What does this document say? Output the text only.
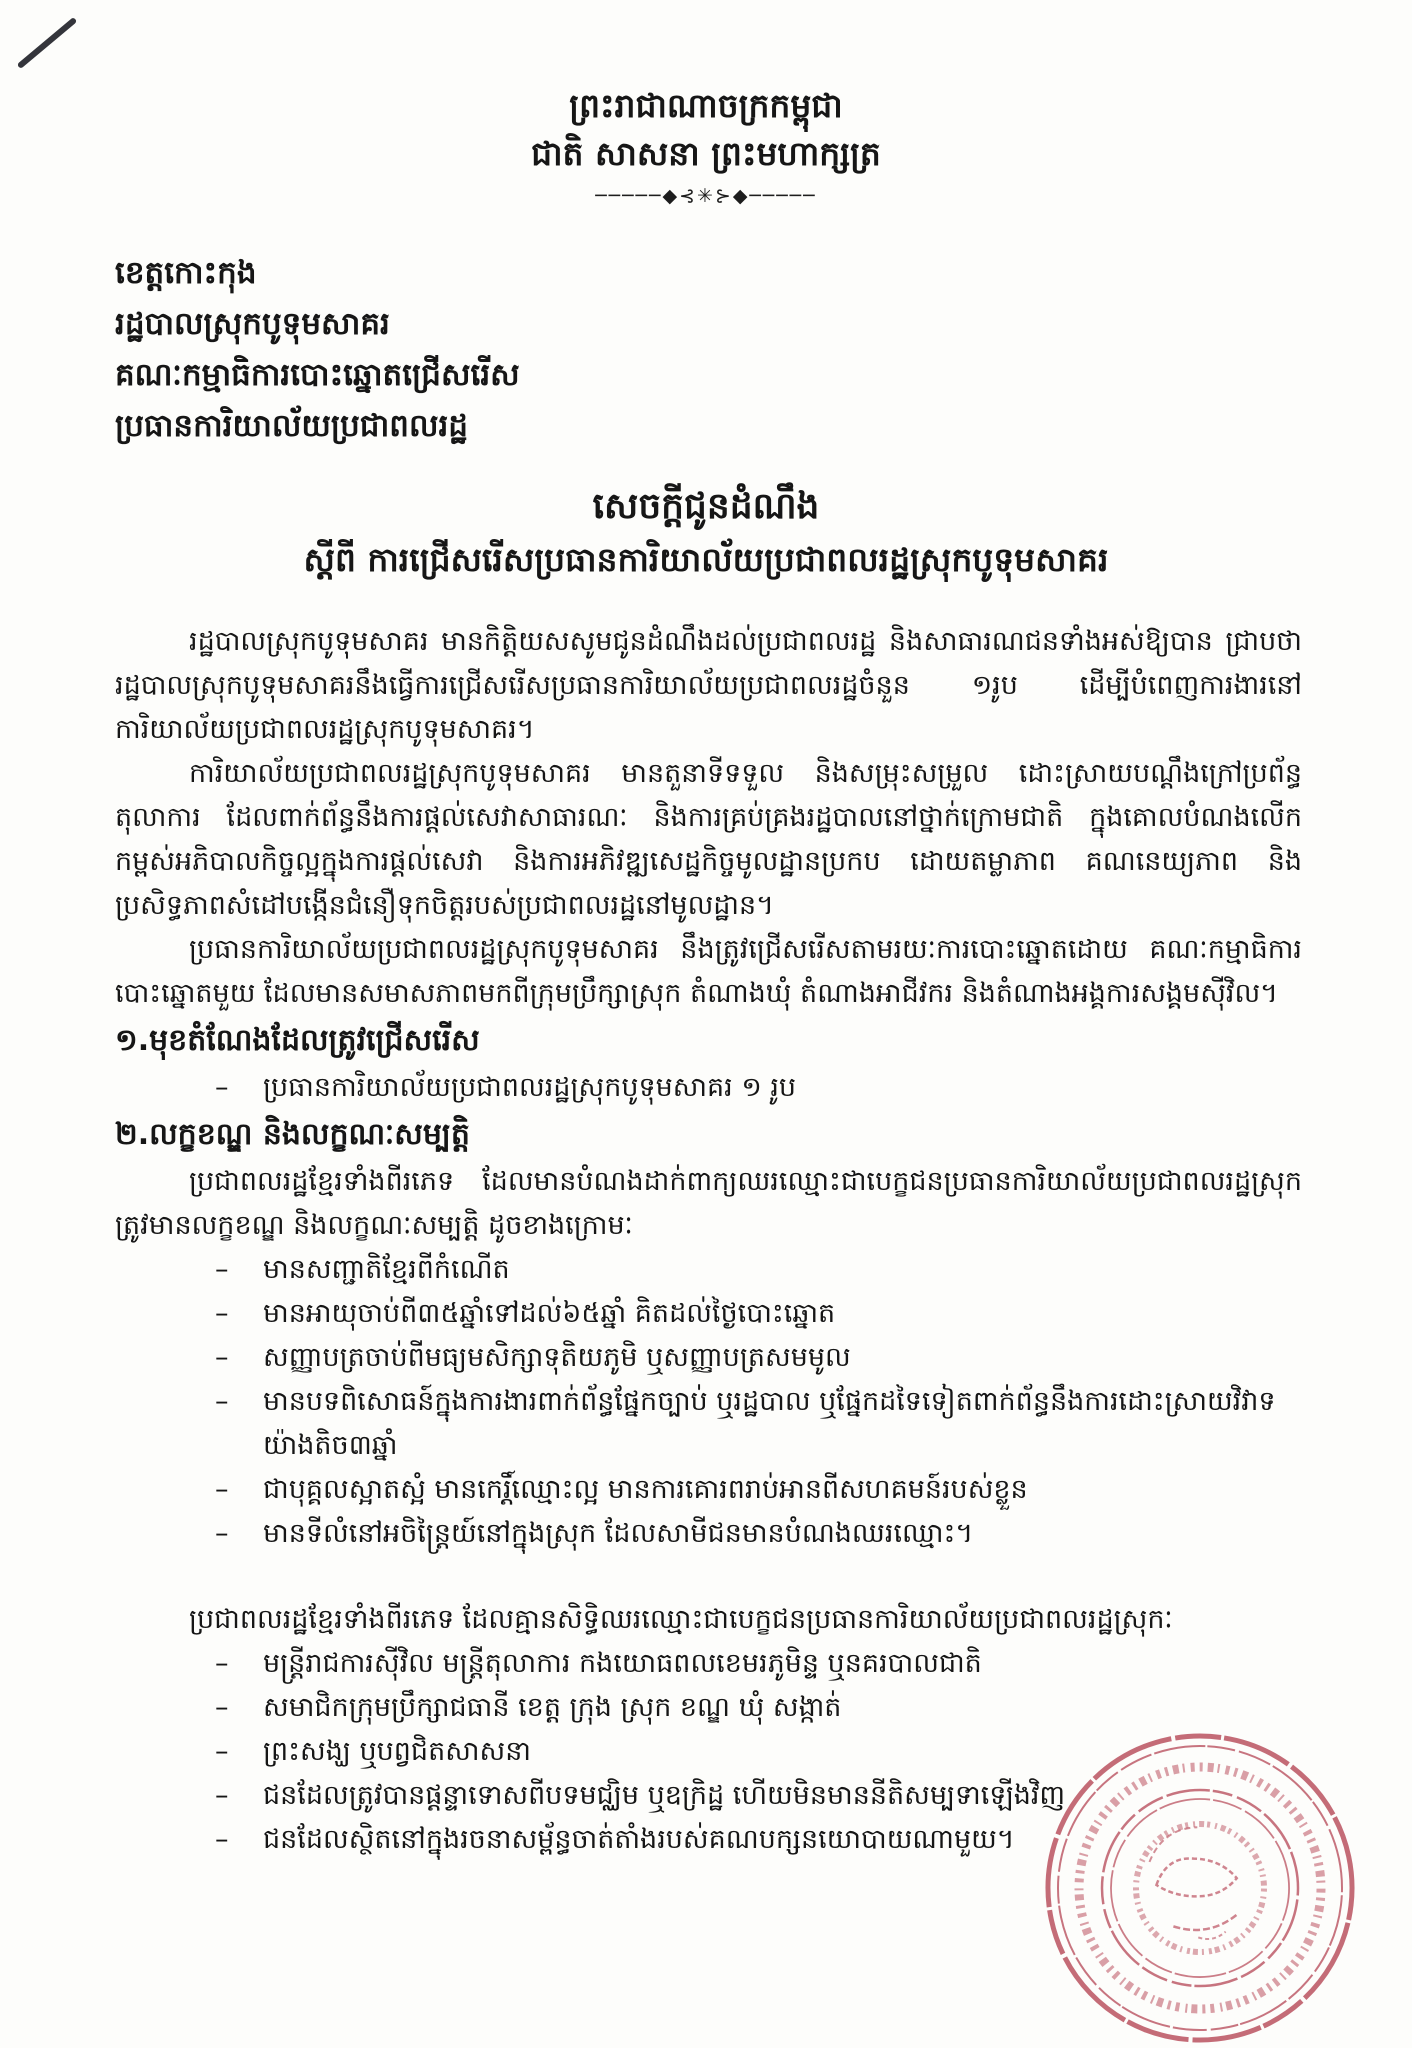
ព្រះរាជាណាចក្រកម្ពុជា
ជាតិ សាសនា ព្រះមហាក្សត្រ
─────◆⊰✳⊱◆─────
ខេត្តកោះកុង
រដ្ឋបាលស្រុកបូទុមសាគរ
គណៈកម្មាធិការបោះឆ្នោតជ្រើសរើស
ប្រធានការិយាល័យប្រជាពលរដ្ឋ
សេចក្តីជូនដំណឹង
ស្តីពី ការជ្រើសរើសប្រធានការិយាល័យប្រជាពលរដ្ឋស្រុកបូទុមសាគរ

រដ្ឋបាលស្រុកបូទុមសាគរ មានកិត្តិយសសូមជូនដំណឹងដល់ប្រជាពលរដ្ឋ និងសាធារណជនទាំងអស់ឱ្យបាន ជ្រាបថា រដ្ឋបាលស្រុកបូទុមសាគរនឹងធ្វើការជ្រើសរើសប្រធានការិយាល័យប្រជាពលរដ្ឋចំនួន ១រូប ដើម្បីបំពេញការងារនៅការិយាល័យប្រជាពលរដ្ឋស្រុកបូទុមសាគរ។

ការិយាល័យប្រជាពលរដ្ឋស្រុកបូទុមសាគរ មានតួនាទីទទួល និងសម្រុះសម្រួល ដោះស្រាយបណ្តឹងក្រៅប្រព័ន្ធតុលាការ ដែលពាក់ព័ន្ធនឹងការផ្តល់សេវាសាធារណៈ និងការគ្រប់គ្រងរដ្ឋបាលនៅថ្នាក់ក្រោមជាតិ ក្នុងគោលបំណងលើកកម្ពស់អភិបាលកិច្ចល្អក្នុងការផ្តល់សេវា និងការអភិវឌ្ឍសេដ្ឋកិច្ចមូលដ្ឋានប្រកប ដោយតម្លាភាព គណនេយ្យភាព និងប្រសិទ្ធភាពសំដៅបង្កើនជំនឿទុកចិត្តរបស់ប្រជាពលរដ្ឋនៅមូលដ្ឋាន។

ប្រធានការិយាល័យប្រជាពលរដ្ឋស្រុកបូទុមសាគរ នឹងត្រូវជ្រើសរើសតាមរយៈការបោះឆ្នោតដោយ គណៈកម្មាធិការបោះឆ្នោតមួយ ដែលមានសមាសភាពមកពីក្រុមប្រឹក្សាស្រុក តំណាងឃុំ តំណាងអាជីវករ និងតំណាងអង្គការសង្គមស៊ីវិល។

១.មុខតំណែងដែលត្រូវជ្រើសរើស
–	ប្រធានការិយាល័យប្រជាពលរដ្ឋស្រុកបូទុមសាគរ ១ រូប
២.លក្ខខណ្ឌ និងលក្ខណៈសម្បត្តិ

ប្រជាពលរដ្ឋខ្មែរទាំងពីរភេទ ដែលមានបំណងដាក់ពាក្យឈរឈ្មោះជាបេក្ខជនប្រធានការិយាល័យប្រជាពលរដ្ឋស្រុក ត្រូវមានលក្ខខណ្ឌ និងលក្ខណៈសម្បត្តិ ដូចខាងក្រោមៈ

–	មានសញ្ជាតិខ្មែរពីកំណើត
–	មានអាយុចាប់ពី៣៥ឆ្នាំទៅដល់៦៥ឆ្នាំ គិតដល់ថ្ងៃបោះឆ្នោត
–	សញ្ញាបត្រចាប់ពីមធ្យមសិក្សាទុតិយភូមិ ឬសញ្ញាបត្រសមមូល
–	មានបទពិសោធន៍ក្នុងការងារពាក់ព័ន្ធផ្នែកច្បាប់ ឬរដ្ឋបាល ឬផ្នែកដទៃទៀតពាក់ព័ន្ធនឹងការដោះស្រាយវិវាទយ៉ាងតិច៣ឆ្នាំ
–	ជាបុគ្គលស្អាតស្អំ មានកេរ្តិ៍ឈ្មោះល្អ មានការគោរពរាប់អានពីសហគមន៍របស់ខ្លួន
–	មានទីលំនៅអចិន្ត្រៃយ៍នៅក្នុងស្រុក ដែលសាមីជនមានបំណងឈរឈ្មោះ។

ប្រជាពលរដ្ឋខ្មែរទាំងពីរភេទ ដែលគ្មានសិទ្ធិឈរឈ្មោះជាបេក្ខជនប្រធានការិយាល័យប្រជាពលរដ្ឋស្រុកៈ

–	មន្ត្រីរាជការស៊ីវិល មន្ត្រីតុលាការ កងយោធពលខេមរភូមិន្ទ ឬនគរបាលជាតិ
–	សមាជិកក្រុមប្រឹក្សាជធានី ខេត្ត ក្រុង ស្រុក ខណ្ឌ ឃុំ សង្កាត់
–	ព្រះសង្ឃ ឬបព្វជិតសាសនា
–	ជនដែលត្រូវបានផ្តន្ទាទោសពីបទមជ្ឈិម ឬឧក្រិដ្ឋ ហើយមិនមាននីតិសម្បទាឡើងវិញ
–	ជនដែលស្ថិតនៅក្នុងរចនាសម្ព័ន្ធចាត់តាំងរបស់គណបក្សនយោបាយណាមួយ។
